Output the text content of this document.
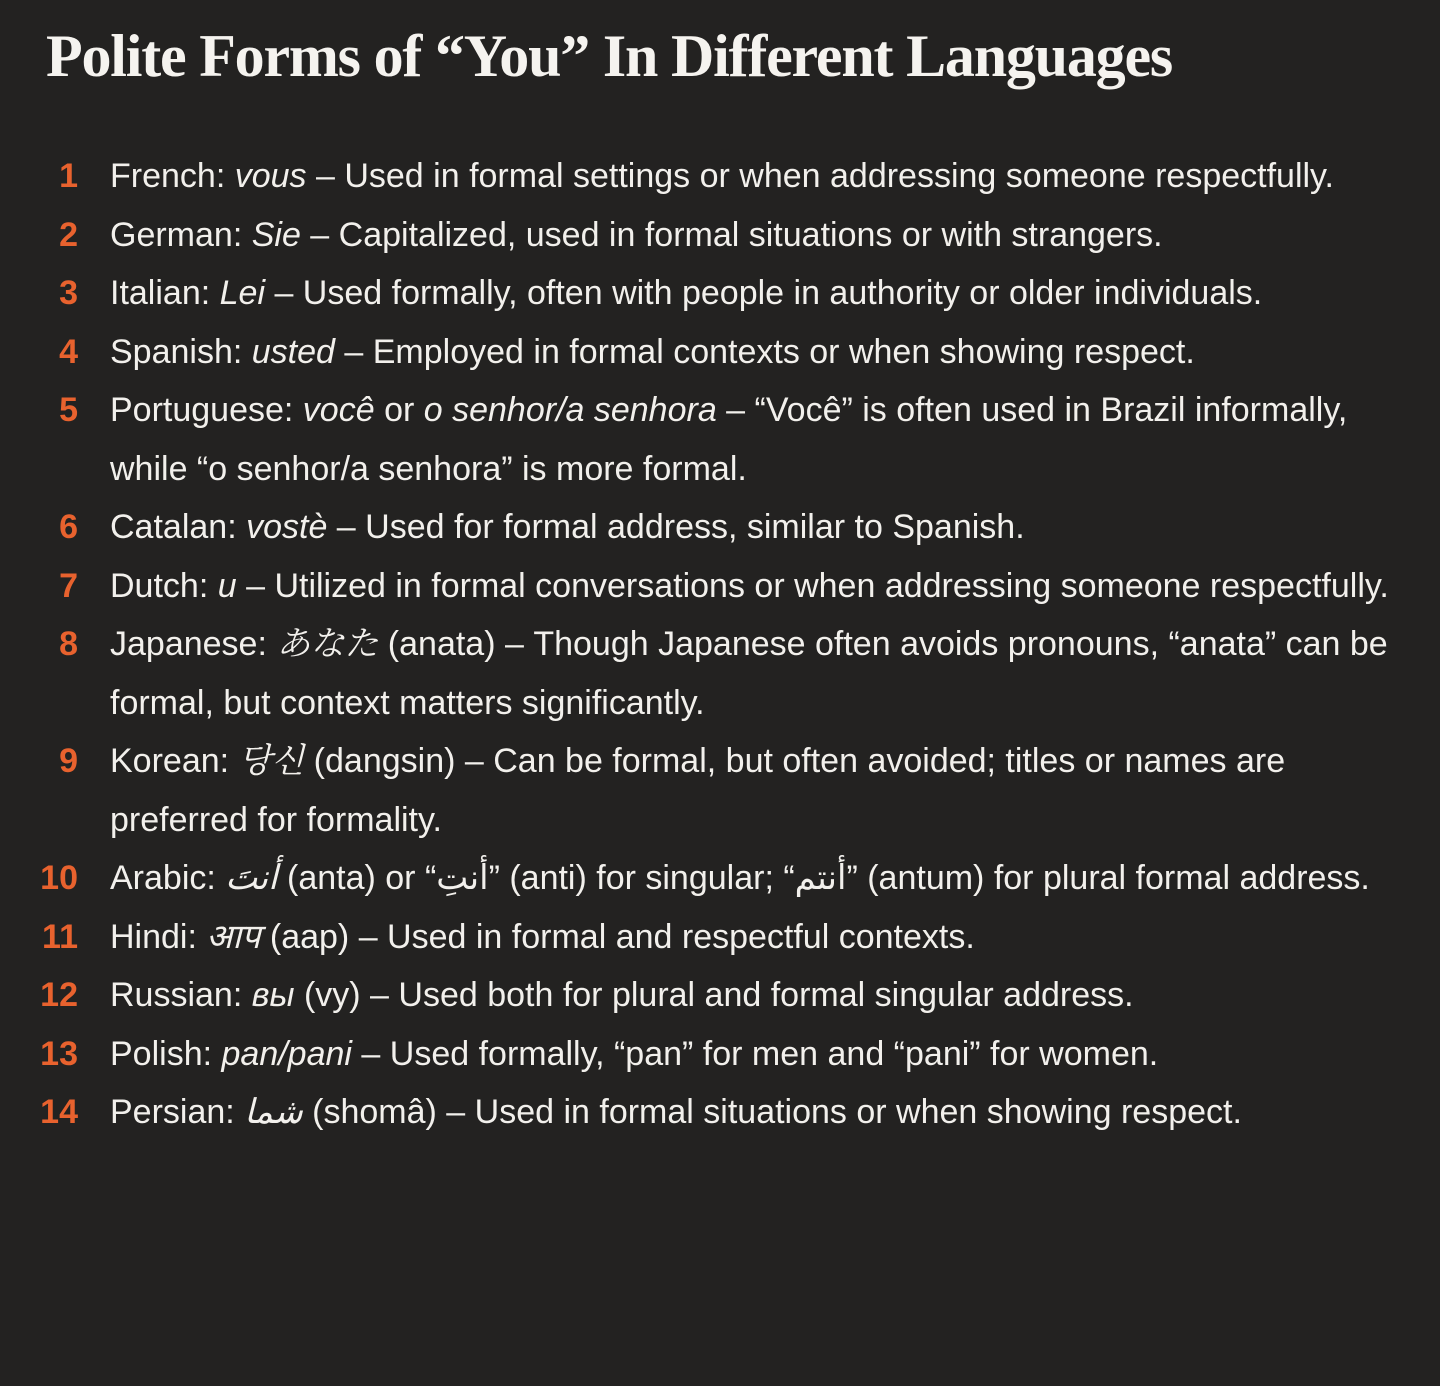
Polite Forms of “You” In Different Languages
1 French: vous – Used in formal settings or when addressing someone respectfully.
2 German: Sie – Capitalized, used in formal situations or with strangers.
3 Italian: Lei – Used formally, often with people in authority or older individuals.
4 Spanish: usted – Employed in formal contexts or when showing respect.
5 Portuguese: você or o senhor/a senhora – “Você” is often used in Brazil informally, while “o senhor/a senhora” is more formal.
6 Catalan: vostè – Used for formal address, similar to Spanish.
7 Dutch: u – Utilized in formal conversations or when addressing someone respectfully.
8 Japanese: あなた (anata) – Though Japanese often avoids pronouns, “anata” can be formal, but context matters significantly.
9 Korean: 당신 (dangsin) – Can be formal, but often avoided; titles or names are preferred for formality.
10 Arabic: أنتَ (anta) or “أنتِ” (anti) for singular; “أنتم” (antum) for plural formal address.
11 Hindi: आप (aap) – Used in formal and respectful contexts.
12 Russian: вы (vy) – Used both for plural and formal singular address.
13 Polish: pan/pani – Used formally, “pan” for men and “pani” for women.
14 Persian: شما (shomâ) – Used in formal situations or when showing respect.
